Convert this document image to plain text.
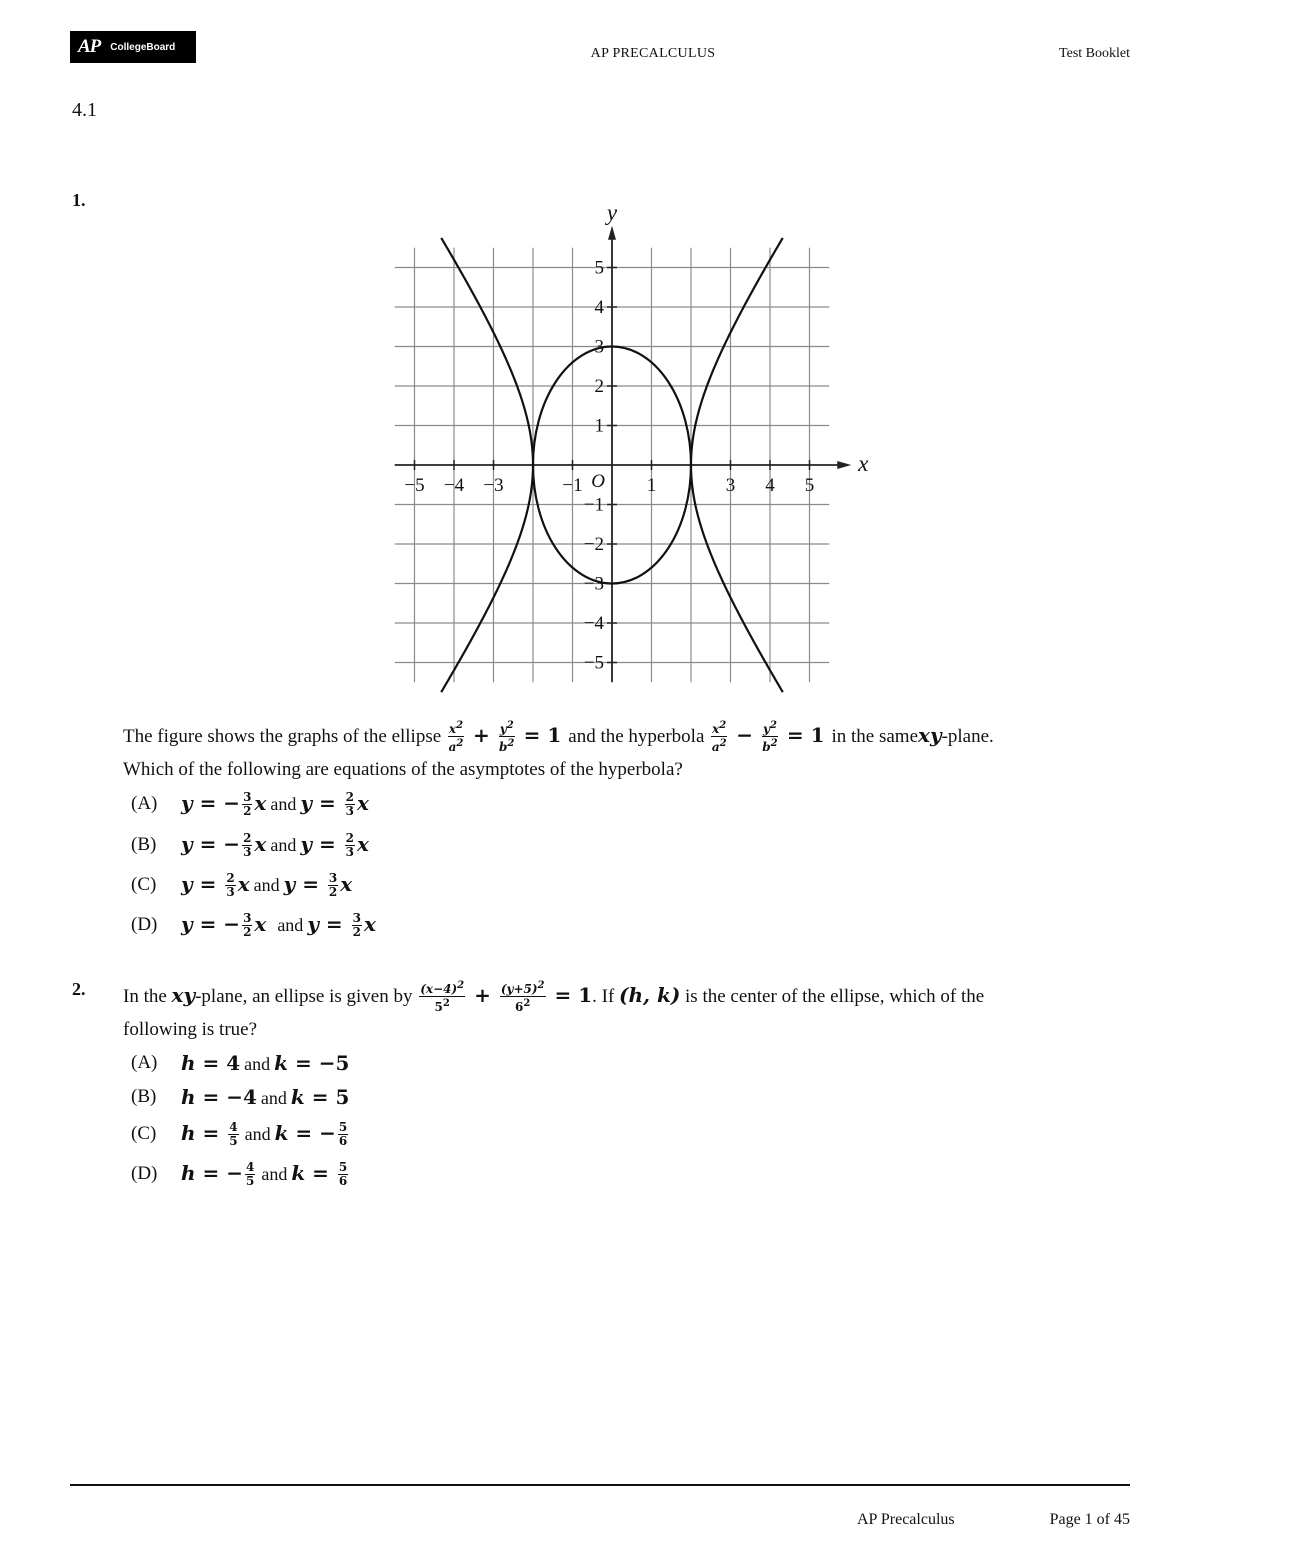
AP CollegeBoard	AP PRECALCULUS	Test Booklet
4.1
1.
−5 −4 −3	−1	1	3 4 5
5
4
3
2
1
−1
−2
−3
−4
−5
O
x
y
The figure shows the graphs of the ellipse $\frac{x^2}{a^2} + \frac{y^2}{b^2} = 1$ and the hyperbola $\frac{x^2}{a^2} - \frac{y^2}{b^2} = 1$ in the samexy-plane.
Which of the following are equations of the asymptotes of the hyperbola?
(A)	y = − $\frac{3}{2}$ x and $y = \frac{2}{3}$ x
(B)	y = − $\frac{2}{3}$ x and $y = \frac{2}{3}$ x
(C)	$y = \frac{2}{3}$ x and $y = \frac{3}{2}$ x
(D)	y = − $\frac{3}{2}$ x and $y = \frac{3}{2}$ x
2. In the xy-plane, an ellipse is given by $\frac{(x-4)^2}{5^2} + \frac{(y+5)^2}{6^2} = 1$. If (h, k) is the center of the ellipse, which of the
following is true?
(A)	h = 4 and k = −5
(B)	h = −4 and k = 5
(C)	$h = \frac{4}{5}$ and k = − $\frac{5}{6}$
(D)	h = − $\frac{4}{5}$ and $k = \frac{5}{6}$
AP Precalculus	Page 1 of 45
